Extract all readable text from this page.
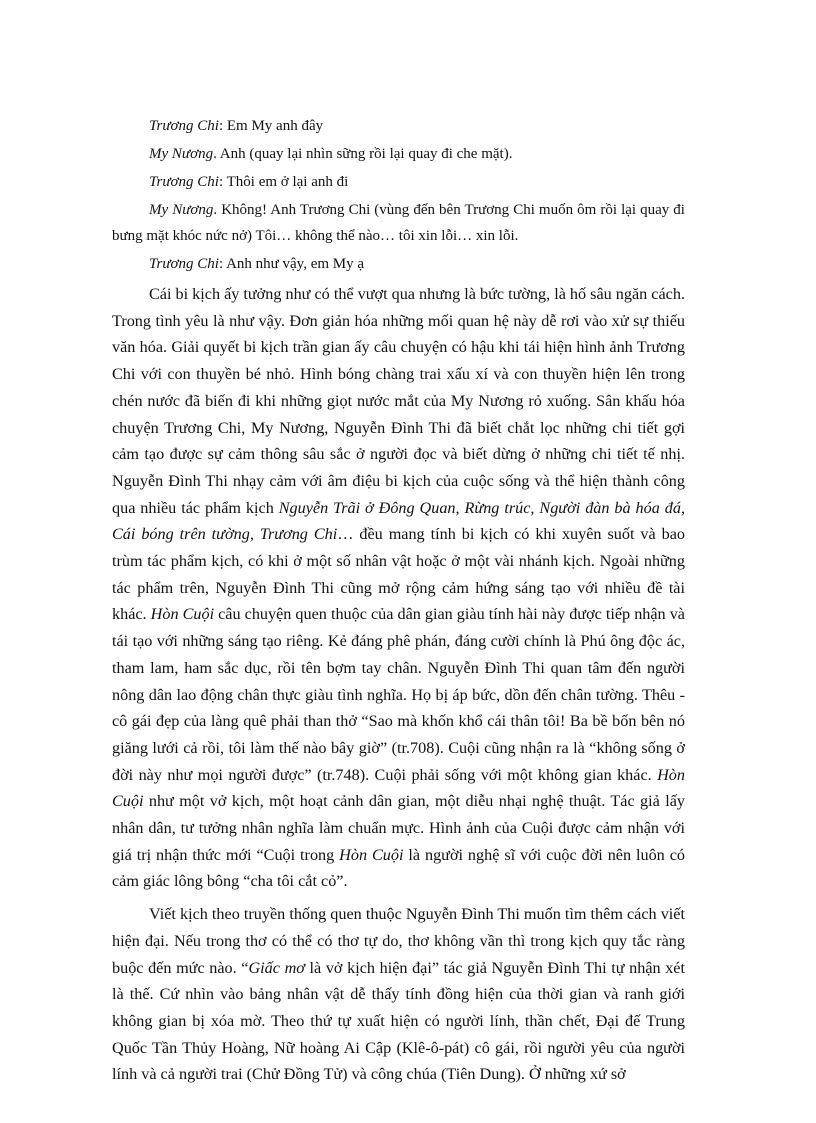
Trương Chi: Em My anh đây

My Nương. Anh (quay lại nhìn sững rồi lại quay đi che mặt).

Trương Chi: Thôi em ở lại anh đi

My Nương. Không! Anh Trương Chi (vùng đến bên Trương Chi muốn ôm rồi lại quay đi bưng mặt khóc nức nở) Tôi… không thể nào… tôi xin lỗi… xin lỗi.

Trương Chi: Anh như vậy, em My ạ

Cái bi kịch ấy tưởng như có thể vượt qua nhưng là bức tường, là hố sâu ngăn cách. Trong tình yêu là như vậy. Đơn giản hóa những mối quan hệ này dễ rơi vào xử sự thiếu văn hóa. Giải quyết bi kịch trần gian ấy câu chuyện có hậu khi tái hiện hình ảnh Trương Chi với con thuyền bé nhỏ. Hình bóng chàng trai xấu xí và con thuyền hiện lên trong chén nước đã biến đi khi những giọt nước mắt của My Nương rỏ xuống. Sân khấu hóa chuyện Trương Chi, My Nương, Nguyễn Đình Thi đã biết chắt lọc những chi tiết gợi cảm tạo được sự cảm thông sâu sắc ở người đọc và biết dừng ở những chi tiết tế nhị. Nguyễn Đình Thi nhạy cảm với âm điệu bi kịch của cuộc sống và thể hiện thành công qua nhiều tác phẩm kịch Nguyễn Trãi ở Đông Quan, Rừng trúc, Người đàn bà hóa đá, Cái bóng trên tường, Trương Chi… đều mang tính bi kịch có khi xuyên suốt và bao trùm tác phẩm kịch, có khi ở một số nhân vật hoặc ở một vài nhánh kịch. Ngoài những tác phẩm trên, Nguyễn Đình Thi cũng mở rộng cảm hứng sáng tạo với nhiều đề tài khác. Hòn Cuội câu chuyện quen thuộc của dân gian giàu tính hài này được tiếp nhận và tái tạo với những sáng tạo riêng. Kẻ đáng phê phán, đáng cười chính là Phú ông độc ác, tham lam, ham sắc dục, rồi tên bợm tay chân. Nguyễn Đình Thi quan tâm đến người nông dân lao động chân thực giàu tình nghĩa. Họ bị áp bức, dồn đến chân tường. Thêu - cô gái đẹp của làng quê phải than thở “Sao mà khốn khổ cái thân tôi! Ba bề bốn bên nó giăng lưới cả rồi, tôi làm thế nào bây giờ” (tr.708). Cuội cũng nhận ra là “không sống ở đời này như mọi người được” (tr.748). Cuội phải sống với một không gian khác. Hòn Cuội như một vở kịch, một hoạt cảnh dân gian, một diễu nhại nghệ thuật. Tác giả lấy nhân dân, tư tưởng nhân nghĩa làm chuẩn mực. Hình ảnh của Cuội được cảm nhận với giá trị nhận thức mới “Cuội trong Hòn Cuội là người nghệ sĩ với cuộc đời nên luôn có cảm giác lông bông “cha tôi cắt cỏ”.

Viết kịch theo truyền thống quen thuộc Nguyễn Đình Thi muốn tìm thêm cách viết hiện đại. Nếu trong thơ có thể có thơ tự do, thơ không vần thì trong kịch quy tắc ràng buộc đến mức nào. “Giấc mơ là vở kịch hiện đại” tác giả Nguyễn Đình Thi tự nhận xét là thế. Cứ nhìn vào bảng nhân vật dễ thấy tính đồng hiện của thời gian và ranh giới không gian bị xóa mờ. Theo thứ tự xuất hiện có người lính, thần chết, Đại đế Trung Quốc Tần Thủy Hoàng, Nữ hoàng Ai Cập (Klê-ô-pát) cô gái, rồi người yêu của người lính và cả người trai (Chử Đồng Tử) và công chúa (Tiên Dung). Ở những xứ sở
